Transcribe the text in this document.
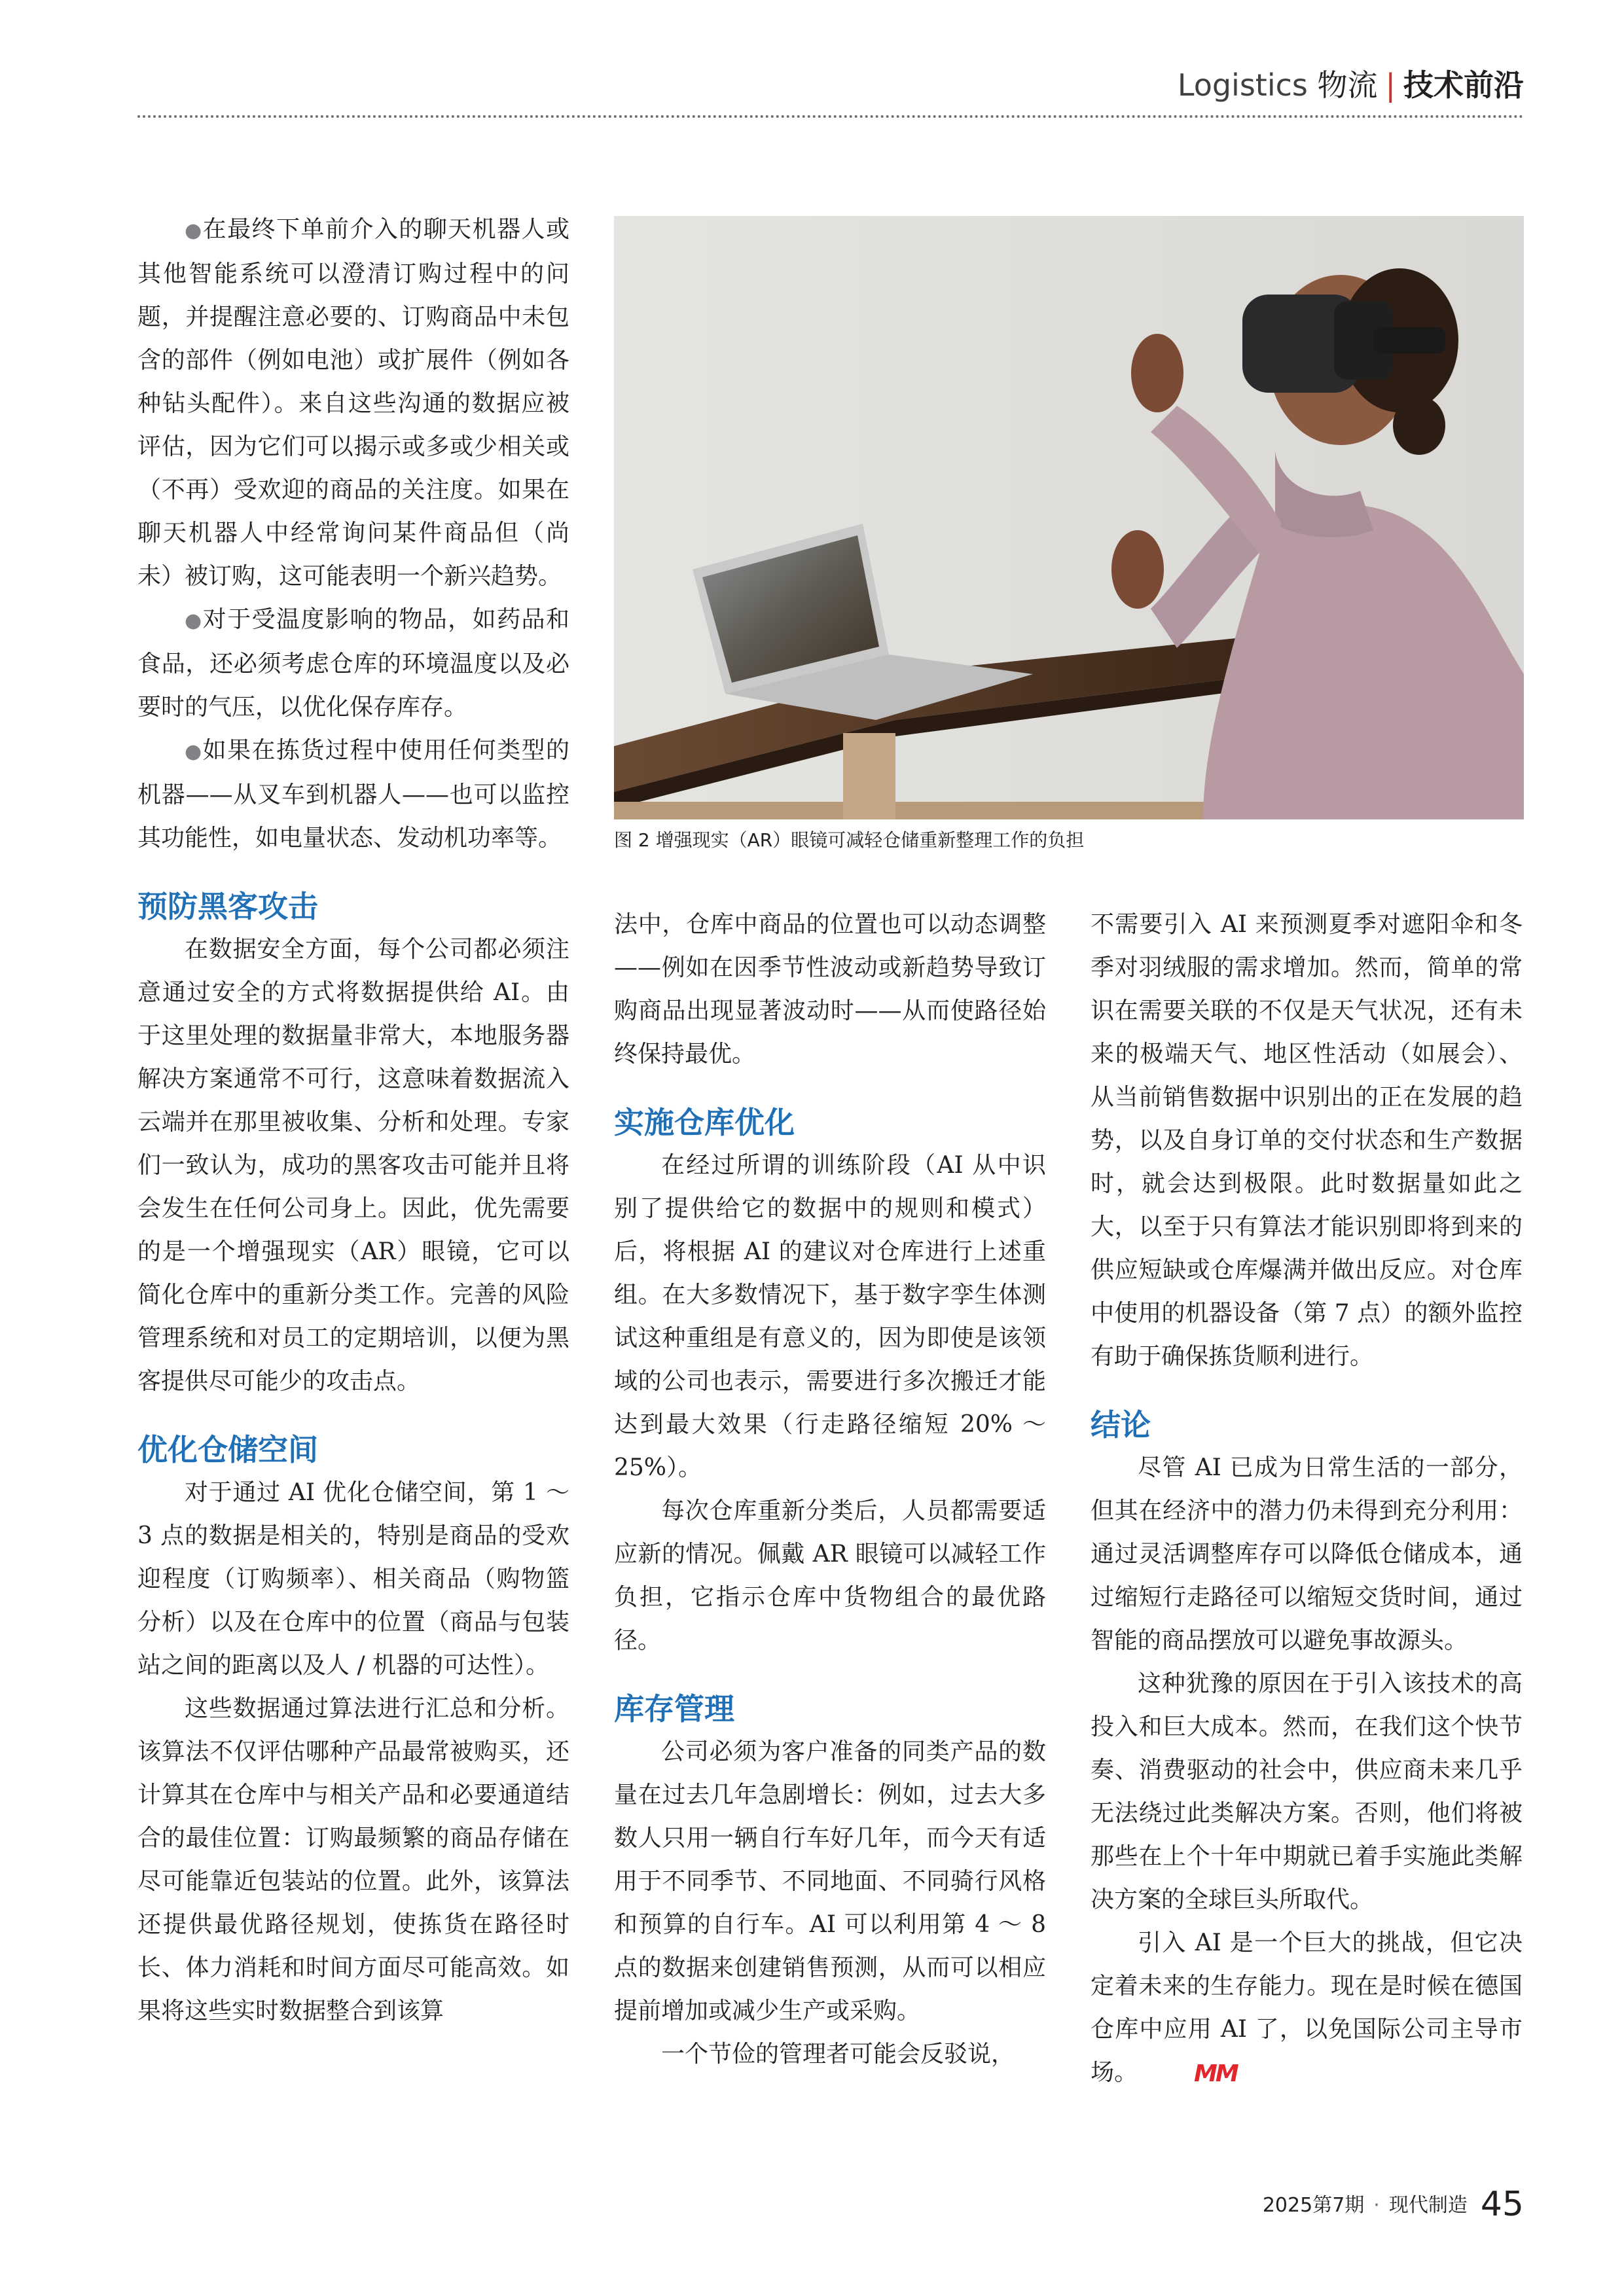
Logistics 物流 | 技术前沿

●在最终下单前介入的聊天机器人或其他智能系统可以澄清订购过程中的问题，并提醒注意必要的、订购商品中未包含的部件（例如电池）或扩展件（例如各种钻头配件）。来自这些沟通的数据应被评估，因为它们可以揭示或多或少相关或（不再）受欢迎的商品的关注度。如果在聊天机器人中经常询问某件商品但（尚未）被订购，这可能表明一个新兴趋势。

●对于受温度影响的物品，如药品和食品，还必须考虑仓库的环境温度以及必要时的气压，以优化保存库存。

●如果在拣货过程中使用任何类型的机器——从叉车到机器人——也可以监控其功能性，如电量状态、发动机功率等。

预防黑客攻击

在数据安全方面，每个公司都必须注意通过安全的方式将数据提供给 AI。由于这里处理的数据量非常大，本地服务器解决方案通常不可行，这意味着数据流入云端并在那里被收集、分析和处理。专家们一致认为，成功的黑客攻击可能并且将会发生在任何公司身上。因此，优先需要的是一个增强现实（AR）眼镜，它可以简化仓库中的重新分类工作。完善的风险管理系统和对员工的定期培训，以便为黑客提供尽可能少的攻击点。

优化仓储空间

对于通过 AI 优化仓储空间，第 1 ～ 3 点的数据是相关的，特别是商品的受欢迎程度（订购频率）、相关商品（购物篮分析）以及在仓库中的位置（商品与包装站之间的距离以及人 / 机器的可达性）。

这些数据通过算法进行汇总和分析。该算法不仅评估哪种产品最常被购买，还计算其在仓库中与相关产品和必要通道结合的最佳位置：订购最频繁的商品存储在尽可能靠近包装站的位置。此外，该算法还提供最优路径规划，使拣货在路径时长、体力消耗和时间方面尽可能高效。如果将这些实时数据整合到该算

图 2 增强现实（AR）眼镜可减轻仓储重新整理工作的负担

法中，仓库中商品的位置也可以动态调整——例如在因季节性波动或新趋势导致订购商品出现显著波动时——从而使路径始终保持最优。

实施仓库优化

在经过所谓的训练阶段（AI 从中识别了提供给它的数据中的规则和模式）后，将根据 AI 的建议对仓库进行上述重组。在大多数情况下，基于数字孪生体测试这种重组是有意义的，因为即使是该领域的公司也表示，需要进行多次搬迁才能达到最大效果（行走路径缩短 20% ～ 25%）。

每次仓库重新分类后，人员都需要适应新的情况。佩戴 AR 眼镜可以减轻工作负担，它指示仓库中货物组合的最优路径。

库存管理

公司必须为客户准备的同类产品的数量在过去几年急剧增长：例如，过去大多数人只用一辆自行车好几年，而今天有适用于不同季节、不同地面、不同骑行风格和预算的自行车。AI 可以利用第 4 ～ 8 点的数据来创建销售预测，从而可以相应提前增加或减少生产或采购。

一个节俭的管理者可能会反驳说，

不需要引入 AI 来预测夏季对遮阳伞和冬季对羽绒服的需求增加。然而，简单的常识在需要关联的不仅是天气状况，还有未来的极端天气、地区性活动（如展会）、从当前销售数据中识别出的正在发展的趋势，以及自身订单的交付状态和生产数据时，就会达到极限。此时数据量如此之大，以至于只有算法才能识别即将到来的供应短缺或仓库爆满并做出反应。对仓库中使用的机器设备（第 7 点）的额外监控有助于确保拣货顺利进行。

结论

尽管 AI 已成为日常生活的一部分，但其在经济中的潜力仍未得到充分利用：通过灵活调整库存可以降低仓储成本，通过缩短行走路径可以缩短交货时间，通过智能的商品摆放可以避免事故源头。

这种犹豫的原因在于引入该技术的高投入和巨大成本。然而，在我们这个快节奏、消费驱动的社会中，供应商未来几乎无法绕过此类解决方案。否则，他们将被那些在上个十年中期就已着手实施此类解决方案的全球巨头所取代。

引入 AI 是一个巨大的挑战，但它决定着未来的生存能力。现在是时候在德国仓库中应用 AI 了，以免国际公司主导市场。 MM

2025第7期 · 现代制造 45
